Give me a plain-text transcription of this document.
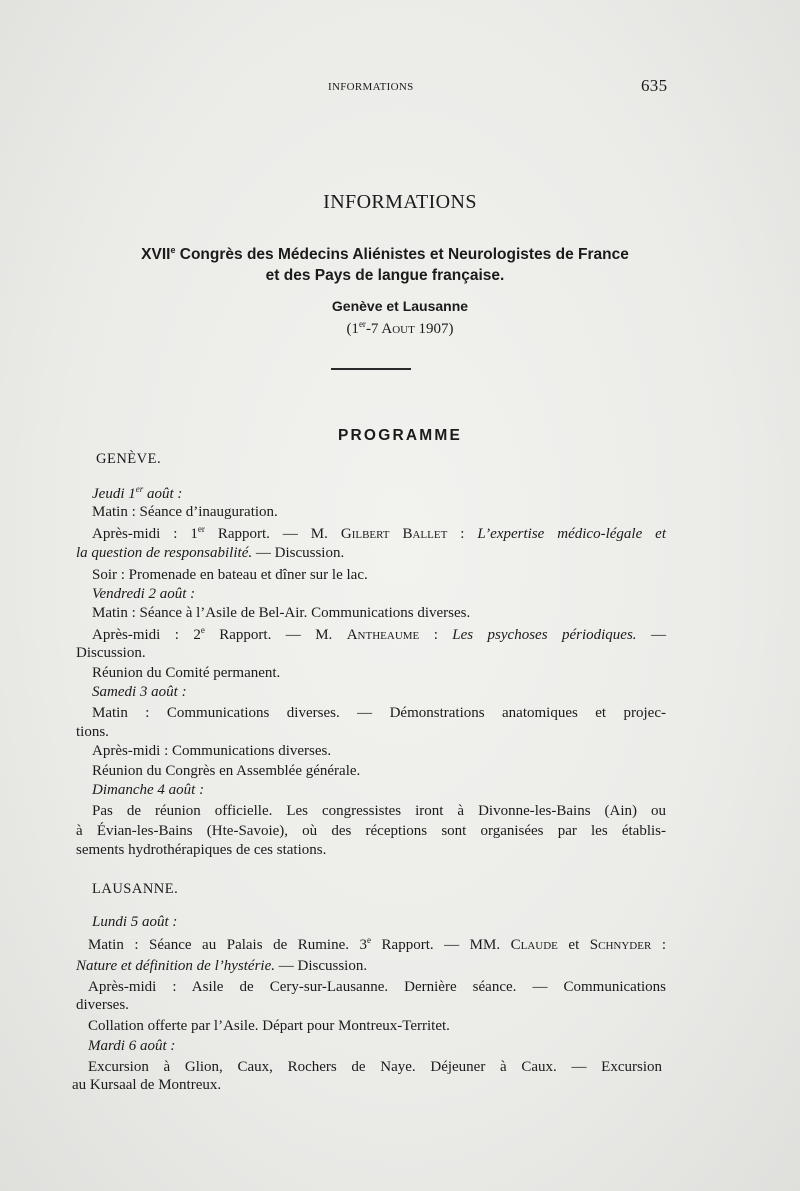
INFORMATIONS	635
INFORMATIONS
XVIIe Congrès des Médecins Aliénistes et Neurologistes de France
et des Pays de langue française.
Genève et Lausanne
(1er-7 Aout 1907)
PROGRAMME
GENÈVE.
Jeudi 1er août :
Matin : Séance d’inauguration.
Après-midi : 1er Rapport. — M. Gilbert Ballet : L’expertise médico-légale et
la question de responsabilité. — Discussion.
Soir : Promenade en bateau et dîner sur le lac.
Vendredi 2 août :
Matin : Séance à l’Asile de Bel-Air. Communications diverses.
Après-midi : 2e Rapport. — M. Antheaume : Les psychoses périodiques. —
Discussion.
Réunion du Comité permanent.
Samedi 3 août :
Matin : Communications diverses. — Démonstrations anatomiques et projec-
tions.
Après-midi : Communications diverses.
Réunion du Congrès en Assemblée générale.
Dimanche 4 août :
Pas de réunion officielle. Les congressistes iront à Divonne-les-Bains (Ain) ou
à Évian-les-Bains (Hte-Savoie), où des réceptions sont organisées par les établis-
sements hydrothérapiques de ces stations.
LAUSANNE.
Lundi 5 août :
Matin : Séance au Palais de Rumine. 3e Rapport. — MM. Claude et Schnyder :
Nature et définition de l’hystérie. — Discussion.
Après-midi : Asile de Cery-sur-Lausanne. Dernière séance. — Communications
diverses.
Collation offerte par l’Asile. Départ pour Montreux-Territet.
Mardi 6 août :
Excursion à Glion, Caux, Rochers de Naye. Déjeuner à Caux. — Excursion
au Kursaal de Montreux.
